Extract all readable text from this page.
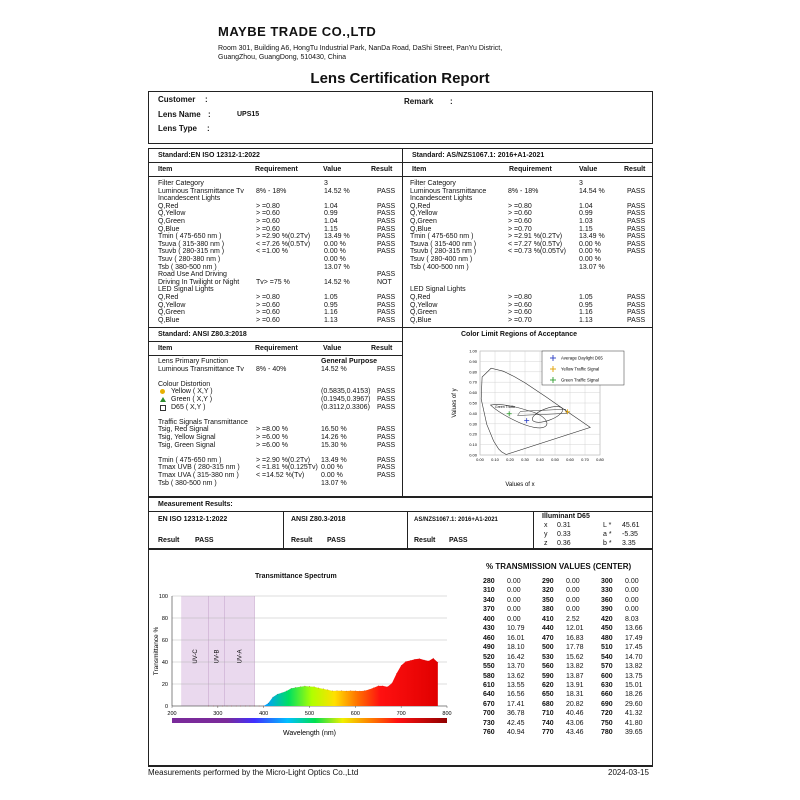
MAYBE TRADE CO.,LTD
Room 301, Building A6, HongTu Industrial Park, NanDa Road, DaShi Street, PanYu District,
GuangZhou, GuangDong, 510430, China
Lens Certification Report
Customer :
Lens Name :	UPS15
Lens Type :
Remark :
Standard:EN ISO 12312-1:2022	Standard: AS/NZS1067.1: 2016+A1-2021
Standard: ANSI Z80.3:2018	Color Limit Regions of Acceptance
Item	Requirement	Value	Result	Item	Requirement	Value	Result
Item	Requirement	Value	Result
Filter Category	3
Luminous Transmittance Tv 8% - 18%	14.52 %	PASS
Incandescent Lights
Q,Red	> =0.80	1.04	PASS
Q,Yellow	> =0.60	0.99	PASS
Q,Green	> =0.60	1.04	PASS
Q,Blue	> =0.60	1.15	PASS
Tmin ( 475-650 nm )	> =2.90 %(0.2Tv) 13.49 %	PASS
Tsuva ( 315-380 nm )	< =7.26 %(0.5Tv) 0.00 %	PASS
Tsuvb ( 280-315 nm )	< =1.00 %	0.00 %	PASS
Tsuv ( 280-380 nm )	0.00 %
Tsb ( 380-500 nm )	13.07 %
Road Use And Driving	PASS
Driving In Twilight or Night Tv> =75 %	14.52 %	NOT
LED Signal Lights
Q,Red	> =0.80	1.05	PASS
Q,Yellow	> =0.60	0.95	PASS
Q,Green	> =0.60	1.16	PASS
Q,Blue	> =0.60	1.13	PASS
Filter Category	3
Luminous Transmittance	8% - 18%	14.54 %	PASS
Incandescent Lights
Q,Red	> =0.80	1.04	PASS
Q,Yellow	> =0.60	0.99	PASS
Q,Green	> =0.60	1.03	PASS
Q,Blue	> =0.70	1.15	PASS
Tmin ( 475-650 nm )	> =2.91 %(0.2Tv) 13.49 %	PASS
Tsuva ( 315-400 nm )	< =7.27 %(0.5Tv) 0.00 %	PASS
Tsuvb ( 280-315 nm )	< =0.73 %(0.05Tv) 0.00 %	PASS
Tsuv ( 280-400 nm )	0.00 %
Tsb ( 400-500 nm )	13.07 %
LED Signal Lights
Q,Red	> =0.80	1.05	PASS
Q,Yellow	> =0.60	0.95	PASS
Q,Green	> =0.60	1.16	PASS
Q,Blue	> =0.70	1.13	PASS
Lens Primary Function	General Purpose
Luminous Transmittance Tv 8% - 40%	14.52 %	PASS
Colour Distortion
Yellow ( X,Y )	(0.5835,0.4153) PASS
Green ( X,Y )	(0.1945,0.3967) PASS
D65 ( X,Y )	(0.3112,0.3306) PASS
Traffic Signals Transmittance
Tsig, Red Signal	> =8.00 %	16.50 %	PASS
Tsig, Yellow Signal	> =6.00 %	14.26 %	PASS
Tsig, Green Signal	> =6.00 %	15.30 %	PASS
Tmin ( 475-650 nm )	> =2.90 %(0.2Tv) 13.49 %	PASS
Tmax UVB ( 280-315 nm ) < =1.81 %(0.125Tv) 0.00 %	PASS
Tmax UVA ( 315-380 nm ) < =14.52 %(Tv) 0.00 %	PASS
Tsb ( 380-500 nm )	13.07 %
1.00
0.90
0.80
0.70
0.60
0.50
0.40
0.30
0.20
0.10
0.00
0.00 0.10 0.20 0.30 0.40 0.50 0.60 0.70 0.80
Values of y
Values of x
Green Traffic
Average Daylight D65
Yellow Traffic Signal
Green Traffic Signal
Measurement Results:
EN ISO 12312-1:2022
Result PASS
ANSI Z80.3-2018
Result PASS
AS/NZS1067.1: 2016+A1-2021
Result PASS
Illuminant D65
x 0.31
y 0.33
z 0.36
L * 45.61
a * -5.35
b * 3.35
Transmittance Spectrum
UV-C	UV-B	UV-A
0
20
40
60
80
100
200	300	400	500	600	700	800
Transmittance %
Wavelength (nm)
% TRANSMISSION VALUES (CENTER)
280 0.00	290 0.00	300 0.00
310 0.00	320 0.00	330 0.00
340 0.00	350 0.00	360 0.00
370 0.00	380 0.00	390 0.00
400 0.00	410 2.52	420 8.03
430 10.79 440 12.01 450 13.66
460 16.01 470 16.83 480 17.49
490 18.10 500 17.78 510 17.45
520 16.42 530 15.62 540 14.70
550 13.70 560 13.82 570 13.82
580 13.62 590 13.87 600 13.75
610 13.55 620 13.91 630 15.01
640 16.56 650 18.31 660 18.26
670 17.41 680 20.82 690 29.60
700 36.78 710 40.46 720 41.32
730 42.45 740 43.06 750 41.80
760 40.94 770 43.46 780 39.65
Measurements performed by the Micro-Light Optics Co.,Ltd	2024-03-15
